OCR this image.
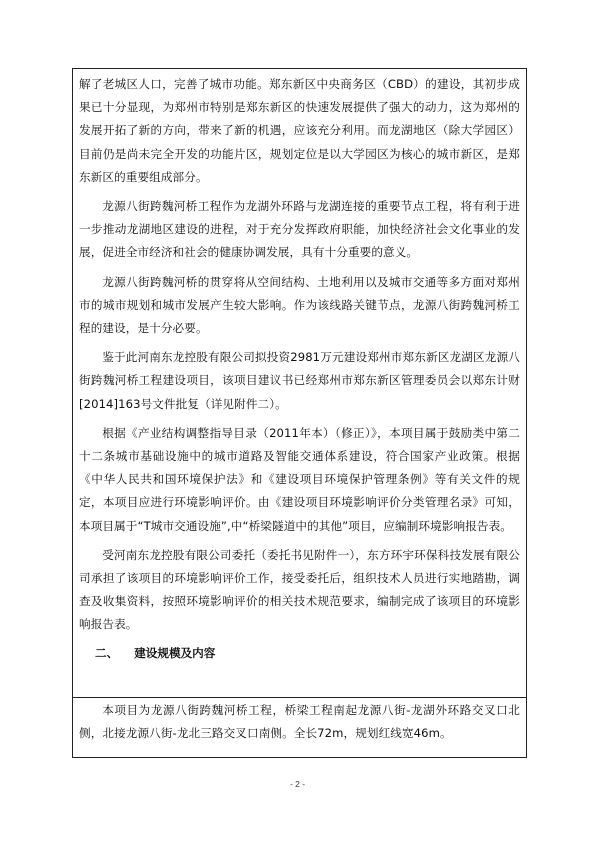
解了老城区人口，完善了城市功能。郑东新区中央商务区（CBD）的建设，其初步成果已十分显现，为郑州市特别是郑东新区的快速发展提供了强大的动力，这为郑州的发展开拓了新的方向，带来了新的机遇，应该充分利用。而龙湖地区（除大学园区）目前仍是尚未完全开发的功能片区，规划定位是以大学园区为核心的城市新区，是郑东新区的重要组成部分。

龙源八街跨魏河桥工程作为龙湖外环路与龙湖连接的重要节点工程，将有利于进一步推动龙湖地区建设的进程，对于充分发挥政府职能，加快经济社会文化事业的发展，促进全市经济和社会的健康协调发展，具有十分重要的意义。

龙源八街跨魏河桥的贯穿将从空间结构、土地利用以及城市交通等多方面对郑州市的城市规划和城市发展产生较大影响。作为该线路关键节点，龙源八街跨魏河桥工程的建设，是十分必要。

鉴于此河南东龙控股有限公司拟投资2981万元建设郑州市郑东新区龙湖区龙源八街跨魏河桥工程建设项目，该项目建议书已经郑州市郑东新区管理委员会以郑东计财[2014]163号文件批复（详见附件二）。

根据《产业结构调整指导目录（2011年本）（修正）》，本项目属于鼓励类中第二十二条城市基础设施中的城市道路及智能交通体系建设，符合国家产业政策。根据《中华人民共和国环境保护法》和《建设项目环境保护管理条例》等有关文件的规定，本项目应进行环境影响评价。由《建设项目环境影响评价分类管理名录》可知，本项目属于“T城市交通设施”,中“桥梁隧道中的其他”项目，应编制环境影响报告表。

受河南东龙控股有限公司委托（委托书见附件一），东方环宇环保科技发展有限公司承担了该项目的环境影响评价工作，接受委托后，组织技术人员进行实地踏勘，调查及收集资料，按照环境影响评价的相关技术规范要求，编制完成了该项目的环境影响报告表。

二、 建设规模及内容

本项目为龙源八街跨魏河桥工程，桥梁工程南起龙源八街-龙湖外环路交叉口北侧，北接龙源八街-龙北三路交叉口南侧。全长72m，规划红线宽46m。

- 2 -
